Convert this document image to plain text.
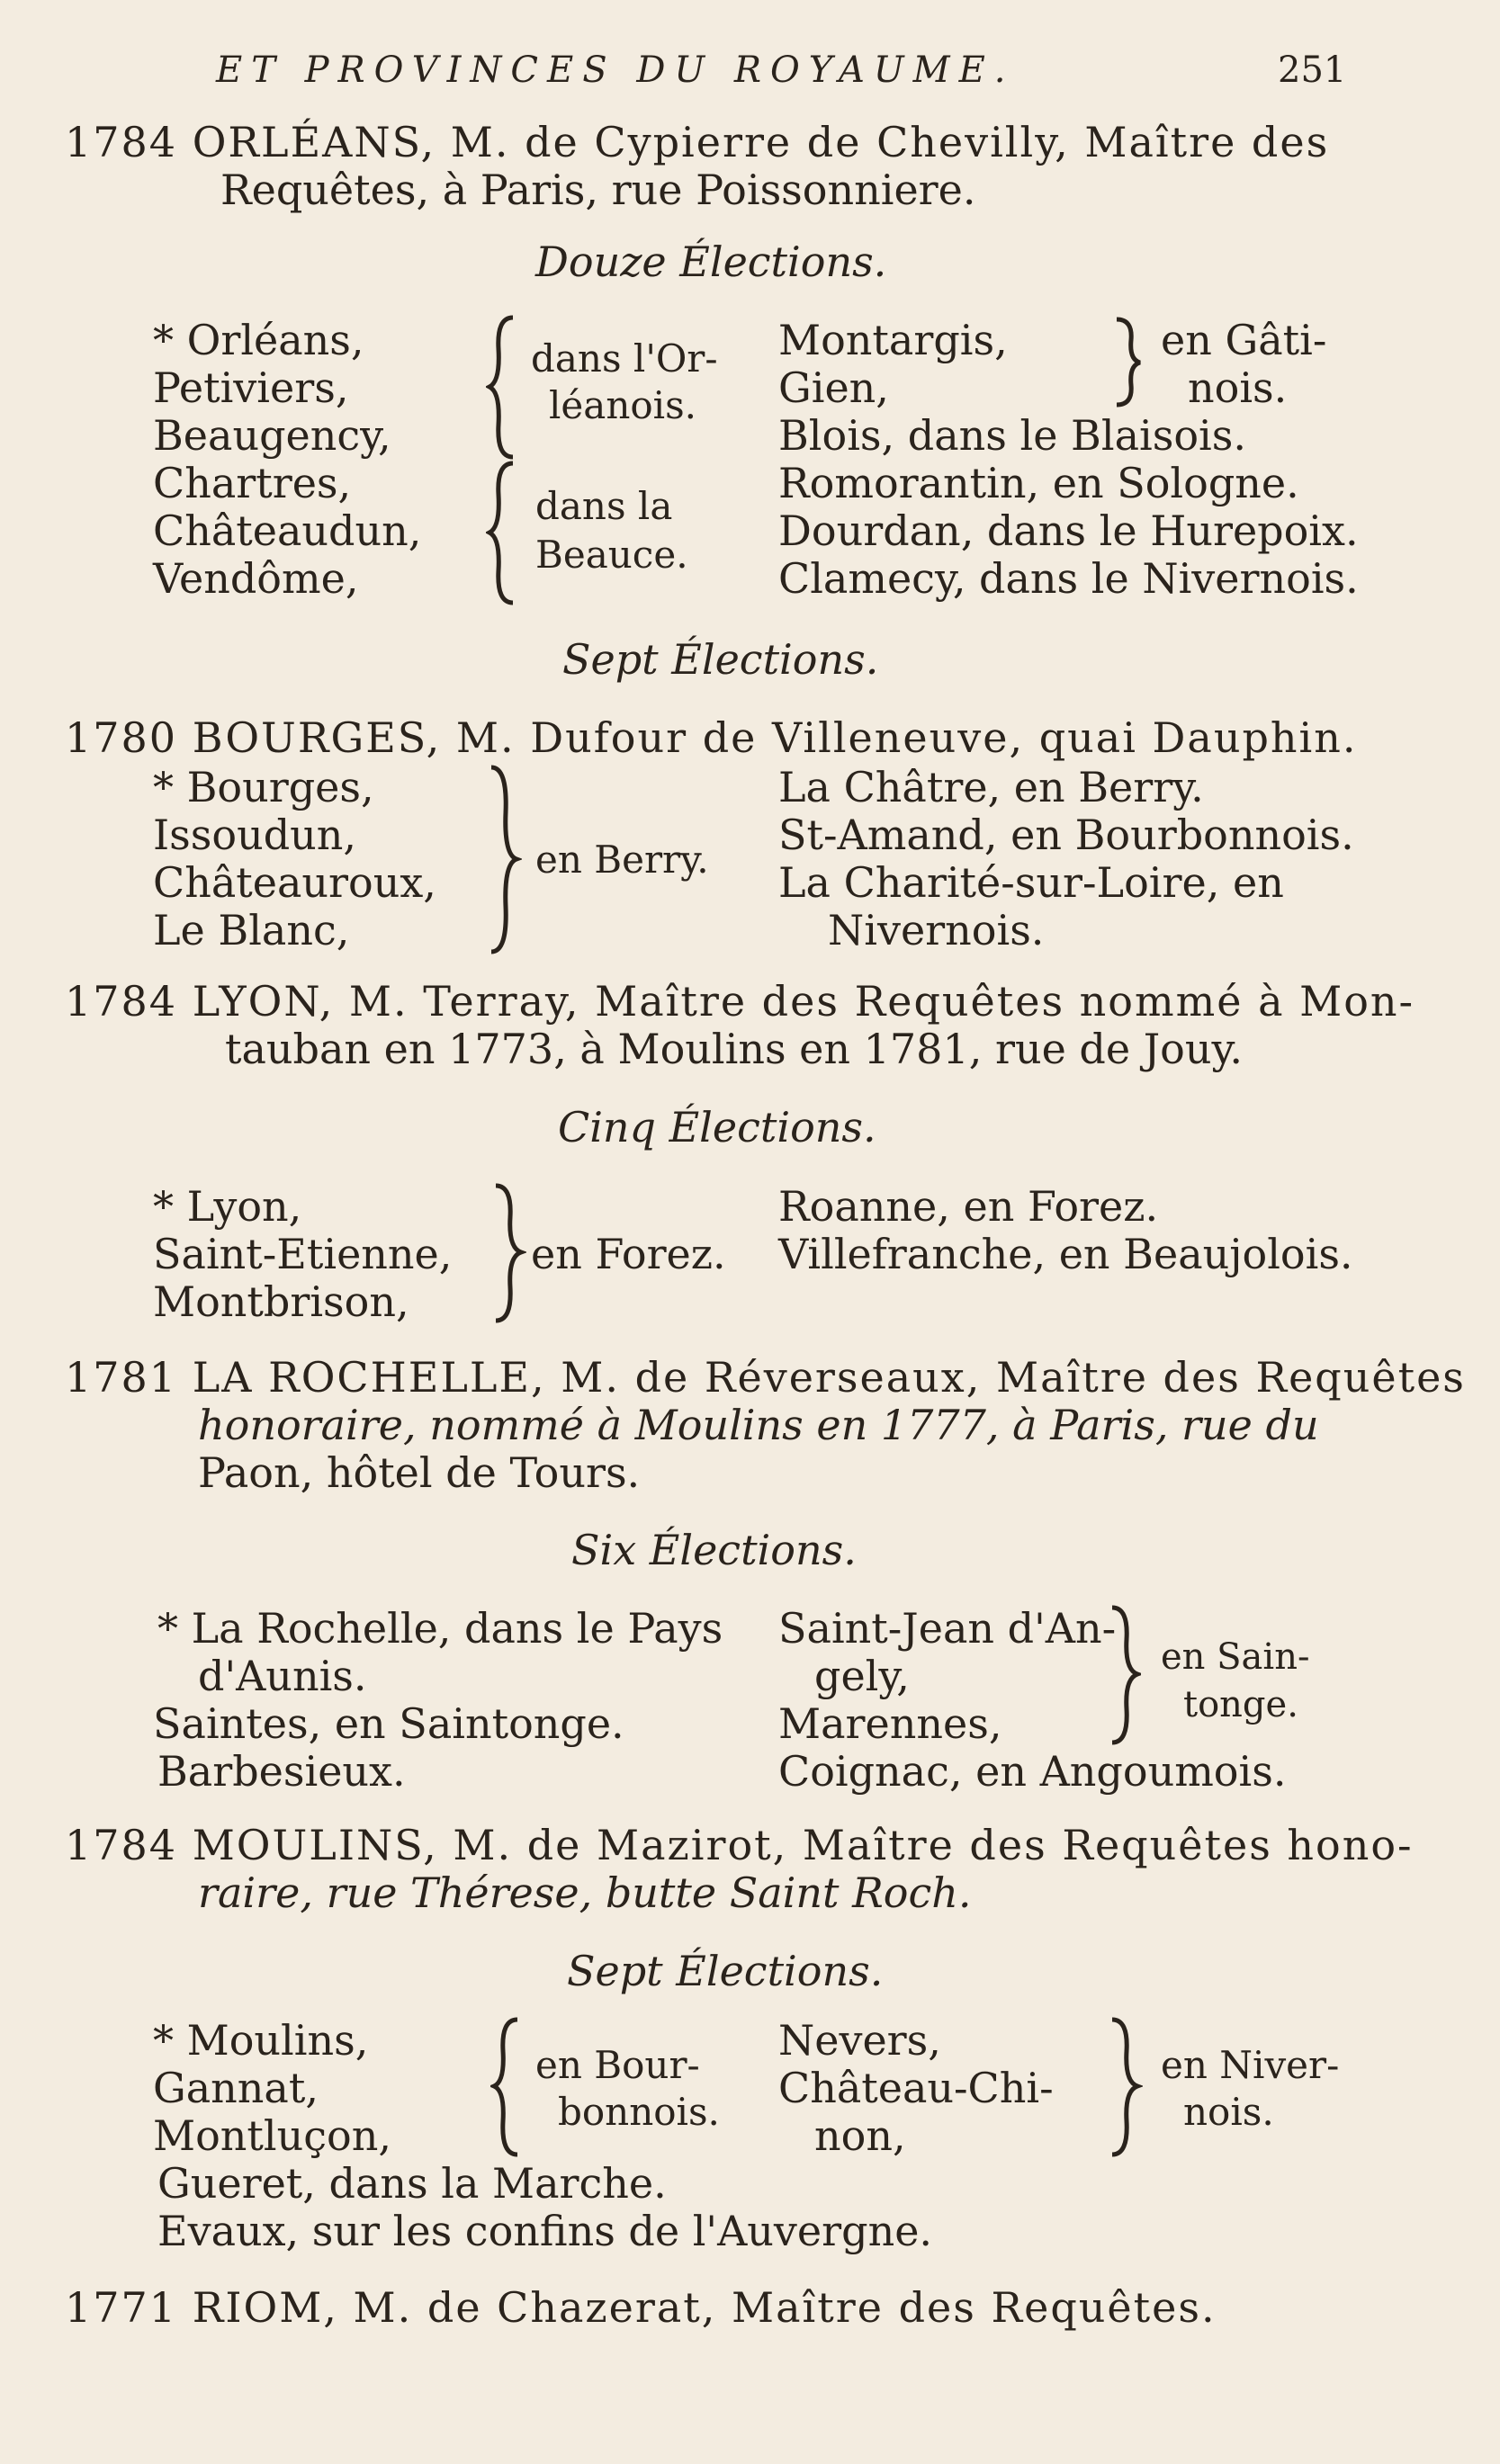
ET PROVINCES DU ROYAUME.	251
1784 ORLÉANS, M. de Cypierre de Chevilly, Maître des
Requêtes, à Paris, rue Poissonniere.
Douze Élections.
* Orléans,
Petiviers,
Beaugency,
Chartres,
Châteaudun,
Vendôme,
dans l'Or-
léanois.
dans la
Beauce.
Montargis,
Gien,
Blois, dans le Blaisois.
Romorantin, en Sologne.
Dourdan, dans le Hurepoix.
Clamecy, dans le Nivernois.
en Gâti-
nois.
Sept Élections.
1780 BOURGES, M. Dufour de Villeneuve, quai Dauphin.
* Bourges,
Issoudun,
Châteauroux,
Le Blanc,
en Berry.
La Châtre, en Berry.
St-Amand, en Bourbonnois.
La Charité-sur-Loire, en
Nivernois.
1784 LYON, M. Terray, Maître des Requêtes nommé à Mon-
tauban en 1773, à Moulins en 1781, rue de Jouy.
Cinq Élections.
* Lyon,
Saint-Etienne,
Montbrison,
en Forez.
Roanne, en Forez.
Villefranche, en Beaujolois.
1781 LA ROCHELLE, M. de Réverseaux, Maître des Requêtes
honoraire, nommé à Moulins en 1777, à Paris, rue du
Paon, hôtel de Tours.
Six Élections.
* La Rochelle, dans le Pays
d'Aunis.
Saintes, en Saintonge.
Barbesieux.
Saint-Jean d'An-
gely,
Marennes,
Coignac, en Angoumois.
en Sain-
tonge.
1784 MOULINS, M. de Mazirot, Maître des Requêtes hono-
raire, rue Thérese, butte Saint Roch.
Sept Élections.
* Moulins,
Gannat,
Montluçon,
Gueret, dans la Marche.
Evaux, sur les confins de l'Auvergne.
en Bour-
bonnois.
Nevers,
Château-Chi-
non,
en Niver-
nois.
1771 RIOM, M. de Chazerat, Maître des Requêtes.
